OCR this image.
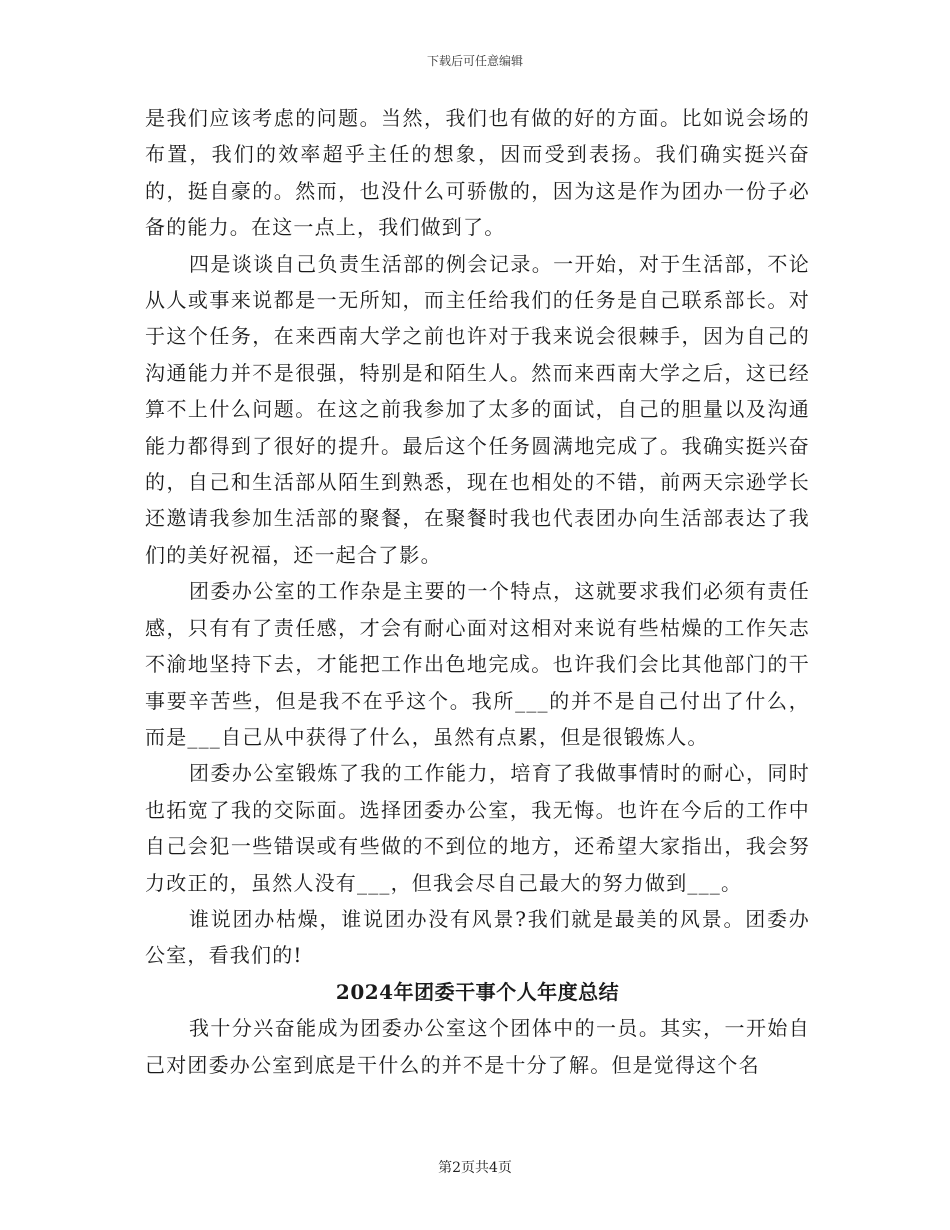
下载后可任意编辑

是我们应该考虑的问题。当然，我们也有做的好的方面。比如说会场的布置，我们的效率超乎主任的想象，因而受到表扬。我们确实挺兴奋的，挺自豪的。然而，也没什么可骄傲的，因为这是作为团办一份子必备的能力。在这一点上，我们做到了。

四是谈谈自己负责生活部的例会记录。一开始，对于生活部，不论从人或事来说都是一无所知，而主任给我们的任务是自己联系部长。对于这个任务，在来西南大学之前也许对于我来说会很棘手，因为自己的沟通能力并不是很强，特别是和陌生人。然而来西南大学之后，这已经算不上什么问题。在这之前我参加了太多的面试，自己的胆量以及沟通能力都得到了很好的提升。最后这个任务圆满地完成了。我确实挺兴奋的，自己和生活部从陌生到熟悉，现在也相处的不错，前两天宗逊学长还邀请我参加生活部的聚餐，在聚餐时我也代表团办向生活部表达了我们的美好祝福，还一起合了影。

团委办公室的工作杂是主要的一个特点，这就要求我们必须有责任感，只有有了责任感，才会有耐心面对这相对来说有些枯燥的工作矢志不渝地坚持下去，才能把工作出色地完成。也许我们会比其他部门的干事要辛苦些，但是我不在乎这个。我所___的并不是自己付出了什么，而是___自己从中获得了什么，虽然有点累，但是很锻炼人。

团委办公室锻炼了我的工作能力，培育了我做事情时的耐心，同时也拓宽了我的交际面。选择团委办公室，我无悔。也许在今后的工作中自己会犯一些错误或有些做的不到位的地方，还希望大家指出，我会努力改正的，虽然人没有___，但我会尽自己最大的努力做到___。

谁说团办枯燥，谁说团办没有风景?我们就是最美的风景。团委办公室，看我们的!

2024年团委干事个人年度总结

我十分兴奋能成为团委办公室这个团体中的一员。其实，一开始自己对团委办公室到底是干什么的并不是十分了解。但是觉得这个名

第2页共4页
